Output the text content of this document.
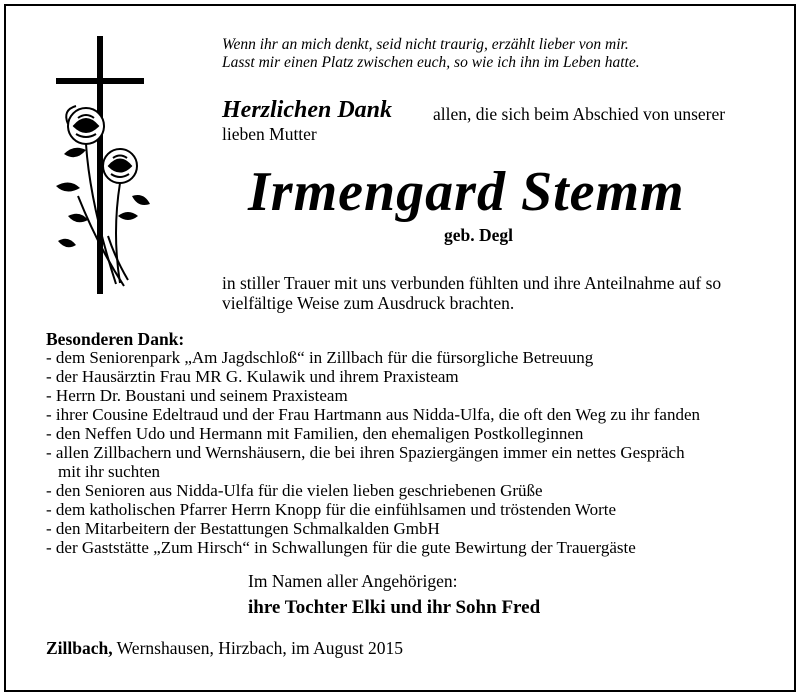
Wenn ihr an mich denkt, seid nicht traurig, erzählt lieber von mir.
Lasst mir einen Platz zwischen euch, so wie ich ihn im Leben hatte.
Herzlichen Dank allen, die sich beim Abschied von unserer
lieben Mutter
Irmengard Stemm
geb. Degl
in stiller Trauer mit uns verbunden fühlten und ihre Anteilnahme auf so
vielfältige Weise zum Ausdruck brachten.
Besonderen Dank:
- dem Seniorenpark „Am Jagdschloß“ in Zillbach für die fürsorgliche Betreuung
- der Hausärztin Frau MR G. Kulawik und ihrem Praxisteam
- Herrn Dr. Boustani und seinem Praxisteam
- ihrer Cousine Edeltraud und der Frau Hartmann aus Nidda-Ulfa, die oft den Weg zu ihr fanden
- den Neffen Udo und Hermann mit Familien, den ehemaligen Postkolleginnen
- allen Zillbachern und Wernshäusern, die bei ihren Spaziergängen immer ein nettes Gespräch
mit ihr suchten
- den Senioren aus Nidda-Ulfa für die vielen lieben geschriebenen Grüße
- dem katholischen Pfarrer Herrn Knopp für die einfühlsamen und tröstenden Worte
- den Mitarbeitern der Bestattungen Schmalkalden GmbH
- der Gaststätte „Zum Hirsch“ in Schwallungen für die gute Bewirtung der Trauergäste
Im Namen aller Angehörigen:
ihre Tochter Elki und ihr Sohn Fred
Zillbach, Wernshausen, Hirzbach, im August 2015
